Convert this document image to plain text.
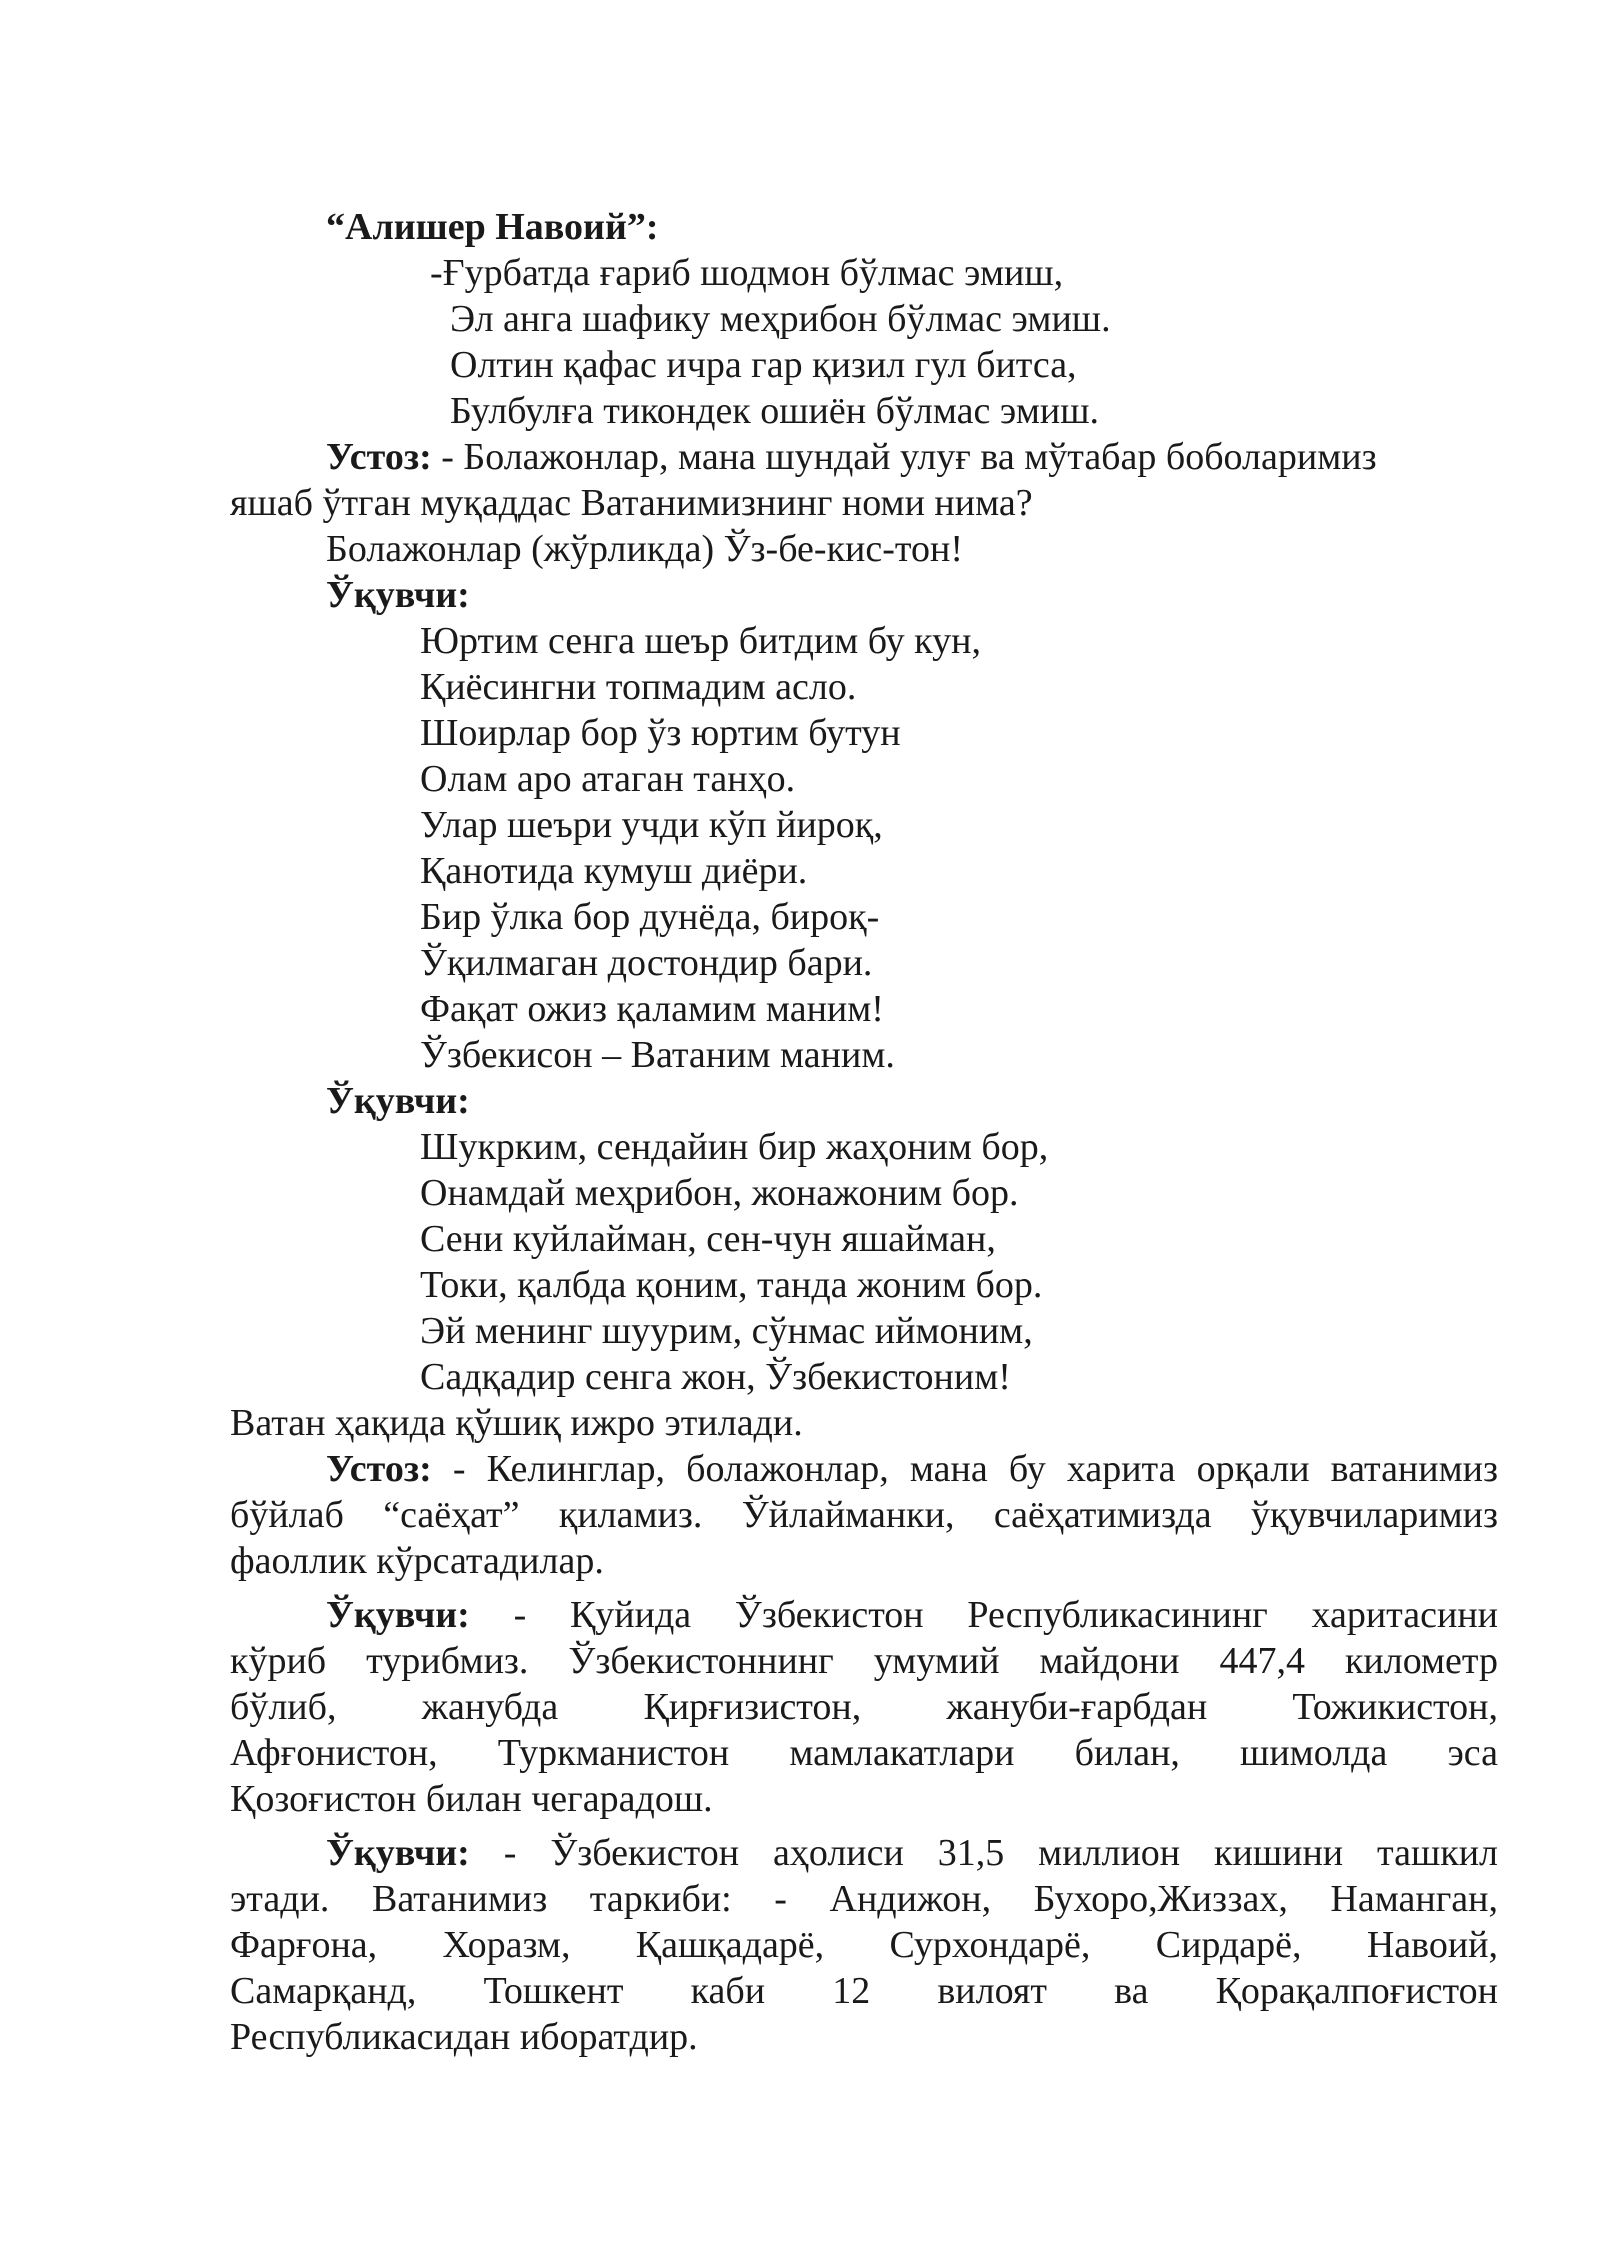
“Алишер Навоий”:
-Ғурбатда ғариб шодмон бўлмас эмиш,
Эл анга шафику меҳрибон бўлмас эмиш.
Олтин қафас ичра гар қизил гул битса,
Булбулға тикондек ошиён бўлмас эмиш.
Устоз: - Болажонлар, мана шундай улуғ ва мўтабар боболаримиз
яшаб ўтган муқаддас Ватанимизнинг номи нима?
Болажонлар (жўрликда) Ўз-бе-кис-тон!
Ўқувчи:
Юртим сенга шеър битдим бу кун,
Қиёсингни топмадим асло.
Шоирлар бор ўз юртим бутун
Олам аро атаган танҳо.
Улар шеъри учди кўп йироқ,
Қанотида кумуш диёри.
Бир ўлка бор дунёда, бироқ-
Ўқилмаган достондир бари.
Фақат ожиз қаламим маним!
Ўзбекисон – Ватаним маним.
Ўқувчи:
Шукрким, сендайин бир жаҳоним бор,
Онамдай меҳрибон, жонажоним бор.
Сени куйлайман, сен-чун яшайман,
Токи, қалбда қоним, танда жоним бор.
Эй менинг шуурим, сўнмас иймоним,
Садқадир сенга жон, Ўзбекистоним!
Ватан ҳақида қўшиқ ижро этилади.
Устоз: - Келинглар, болажонлар, мана бу харита орқали ватанимиз
бўйлаб “саёҳат” қиламиз. Ўйлайманки, саёҳатимизда ўқувчиларимиз
фаоллик кўрсатадилар.
Ўқувчи: - Қуйида Ўзбекистон Республикасининг харитасини
кўриб турибмиз. Ўзбекистоннинг умумий майдони 447,4 километр
бўлиб, жанубда Қирғизистон, жануби-ғарбдан Тожикистон,
Афғонистон, Туркманистон мамлакатлари билан, шимолда эса
Қозоғистон билан чегарадош.
Ўқувчи: - Ўзбекистон аҳолиси 31,5 миллион кишини ташкил
этади. Ватанимиз таркиби: - Андижон, Бухоро,Жиззах, Наманган,
Фарғона, Хоразм, Қашқадарё, Сурхондарё, Сирдарё, Навоий,
Самарқанд, Тошкент каби 12 вилоят ва Қорақалпоғистон
Республикасидан иборатдир.
